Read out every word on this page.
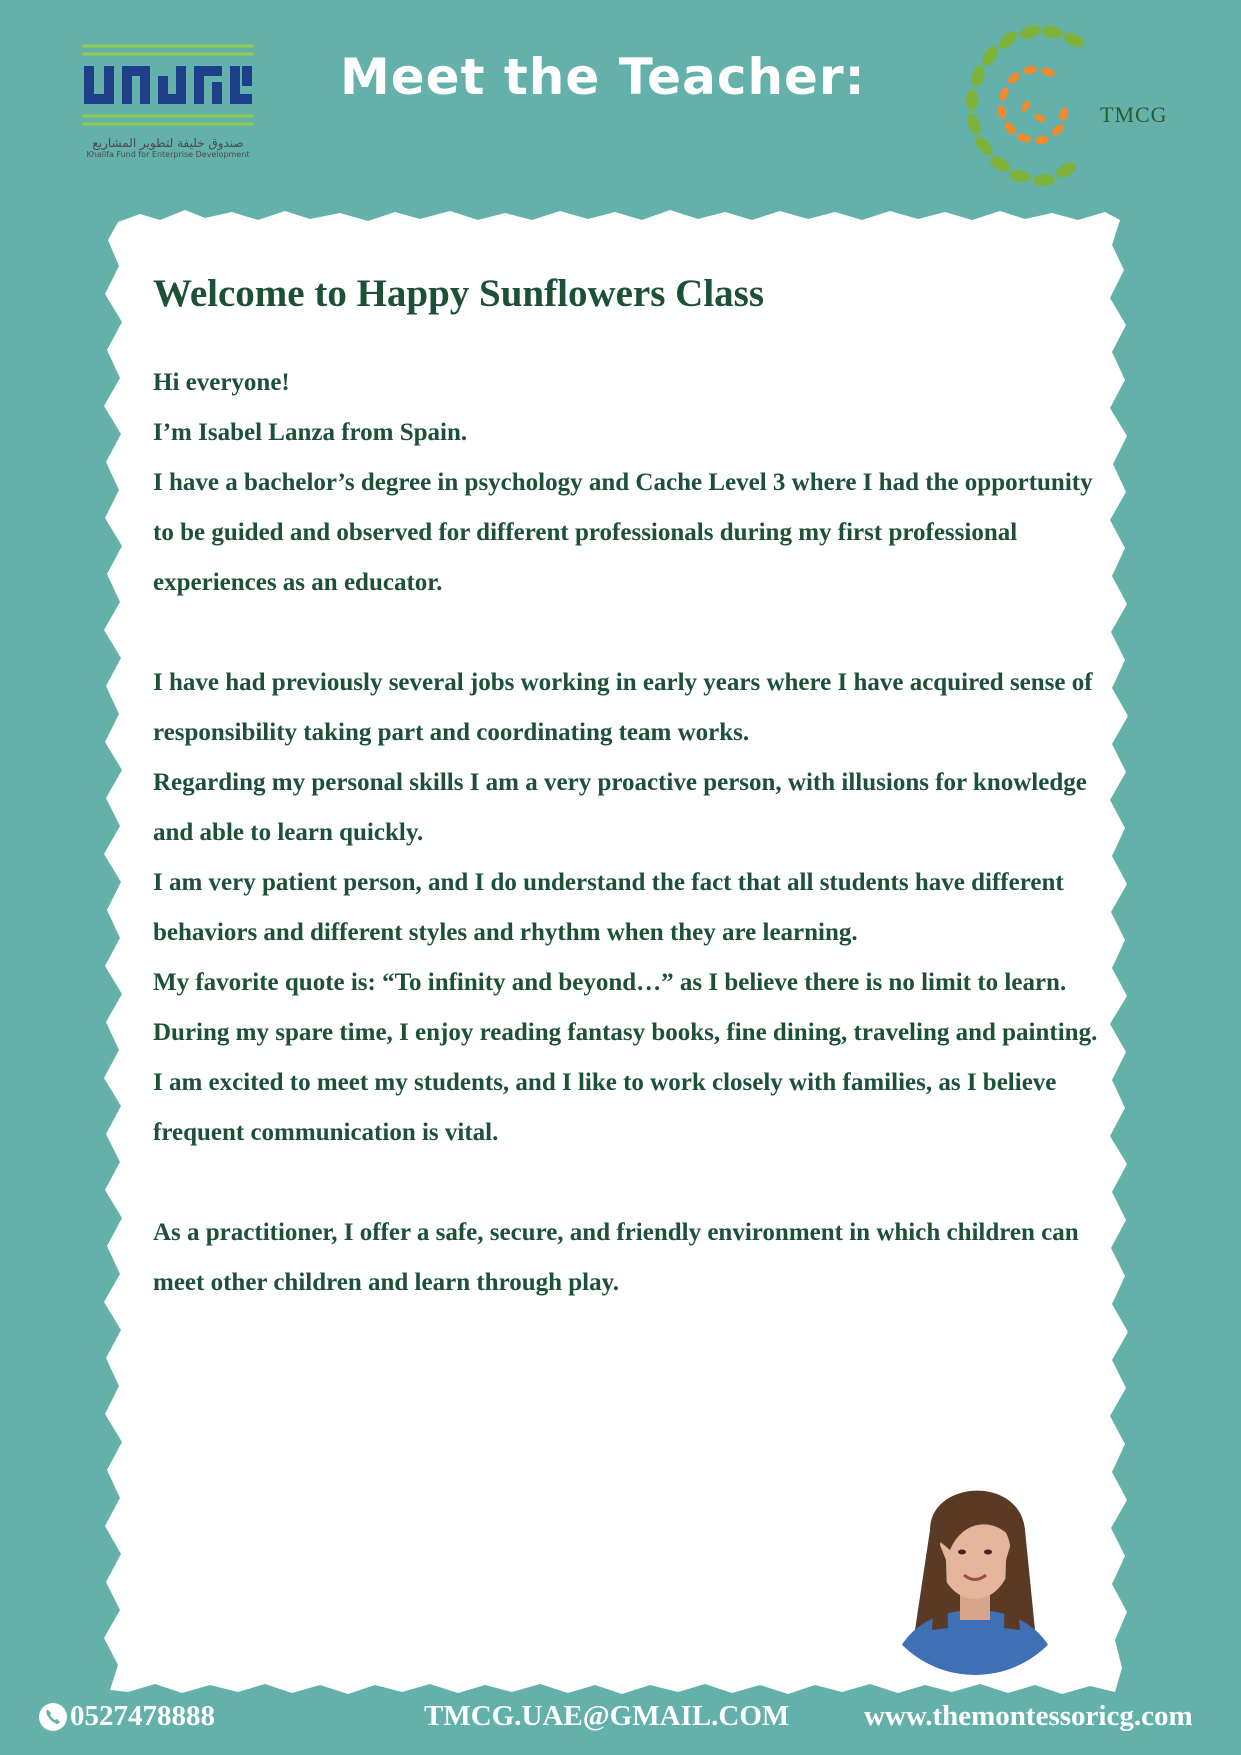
صندوق خليفة لتطوير المشاريع
Khalifa Fund for Enterprise Development
Meet the Teacher:
TMCG
Welcome to Happy Sunflowers Class

Hi everyone!

I’m Isabel Lanza from Spain.

I have a bachelor’s degree in psychology and Cache Level 3 where I had the opportunity to be guided and observed for different professionals during my first professional experiences as an educator.

I have had previously several jobs working in early years where I have acquired sense of responsibility taking part and coordinating team works.

Regarding my personal skills I am a very proactive person, with illusions for knowledge and able to learn quickly.

I am very patient person, and I do understand the fact that all students have different behaviors and different styles and rhythm when they are learning.

My favorite quote is: “To infinity and beyond…” as I believe there is no limit to learn.

During my spare time, I enjoy reading fantasy books, fine dining, traveling and painting.

I am excited to meet my students, and I like to work closely with families, as I believe frequent communication is vital.

As a practitioner, I offer a safe, secure, and friendly environment in which children can meet other children and learn through play.

0527478888	TMCG.UAE@GMAIL.COM	www.themontessoricg.com
